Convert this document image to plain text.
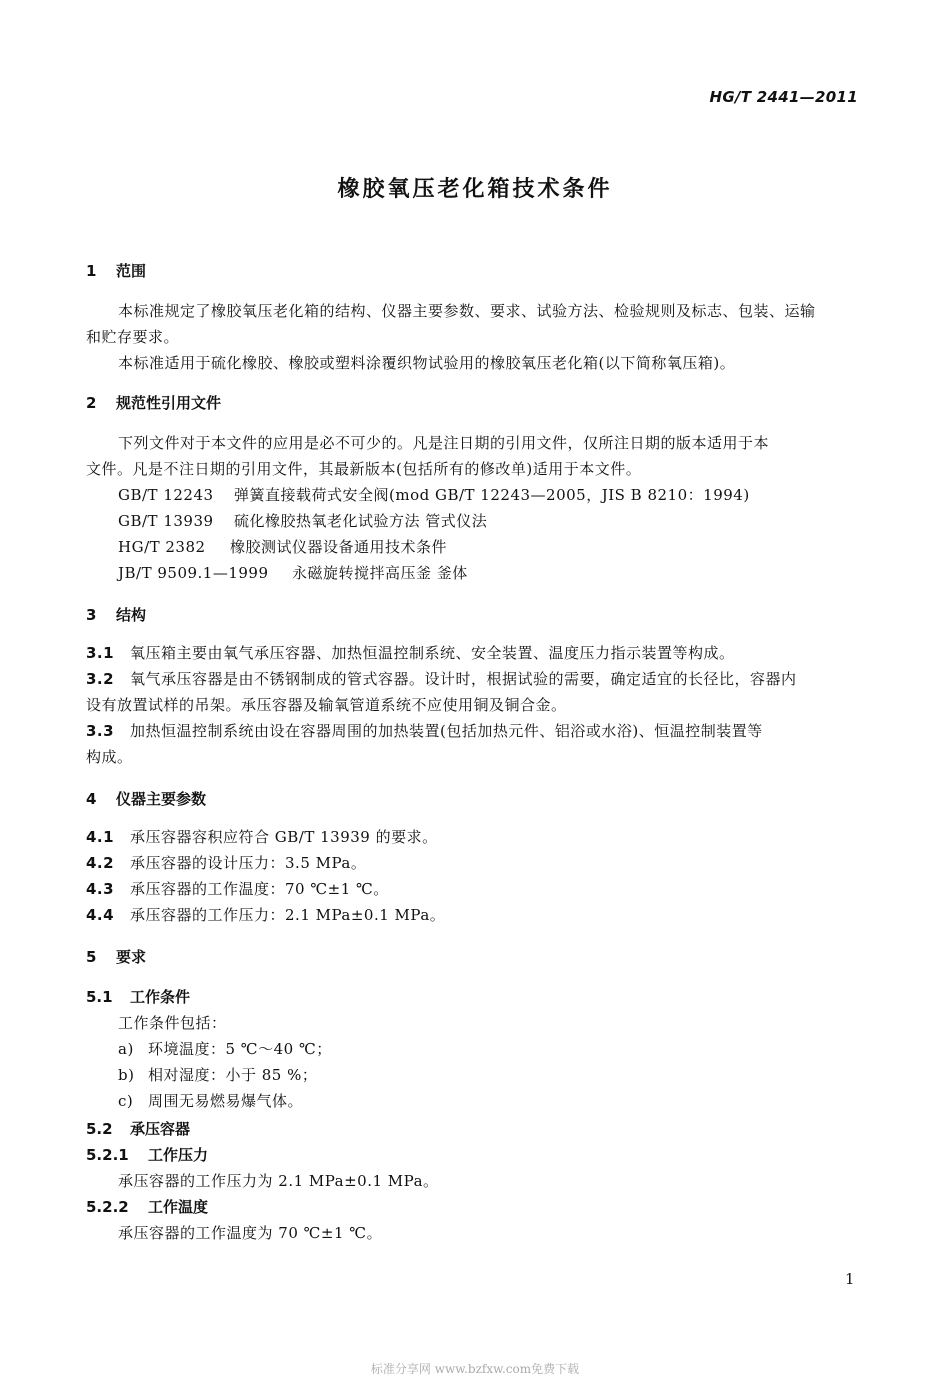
HG/T 2441—2011
橡胶氧压老化箱技术条件
1 范围
本标准规定了橡胶氧压老化箱的结构、仪器主要参数、要求、试验方法、检验规则及标志、包装、运输
和贮存要求。
本标准适用于硫化橡胶、橡胶或塑料涂覆织物试验用的橡胶氧压老化箱(以下简称氧压箱)。
2 规范性引用文件
下列文件对于本文件的应用是必不可少的。凡是注日期的引用文件，仅所注日期的版本适用于本
文件。凡是不注日期的引用文件，其最新版本(包括所有的修改单)适用于本文件。
GB/T 12243 弹簧直接载荷式安全阀(mod GB/T 12243—2005，JIS B 8210：1994)
GB/T 13939 硫化橡胶热氧老化试验方法 管式仪法
HG/T 2382 橡胶测试仪器设备通用技术条件
JB/T 9509.1—1999 永磁旋转搅拌高压釜 釜体
3 结构
3.1 氧压箱主要由氧气承压容器、加热恒温控制系统、安全装置、温度压力指示装置等构成。
3.2 氧气承压容器是由不锈钢制成的管式容器。设计时，根据试验的需要，确定适宜的长径比，容器内
设有放置试样的吊架。承压容器及输氧管道系统不应使用铜及铜合金。
3.3 加热恒温控制系统由设在容器周围的加热装置(包括加热元件、铝浴或水浴)、恒温控制装置等
构成。
4 仪器主要参数
4.1 承压容器容积应符合 GB/T 13939 的要求。
4.2 承压容器的设计压力：3.5 MPa。
4.3 承压容器的工作温度：70 ℃±1 ℃。
4.4 承压容器的工作压力：2.1 MPa±0.1 MPa。
5 要求
5.1 工作条件
工作条件包括：
a) 环境温度：5 ℃～40 ℃；
b) 相对湿度：小于 85 %；
c) 周围无易燃易爆气体。
5.2 承压容器
5.2.1 工作压力
承压容器的工作压力为 2.1 MPa±0.1 MPa。
5.2.2 工作温度
承压容器的工作温度为 70 ℃±1 ℃。
1
标准分享网 www.bzfxw.com免费下载
